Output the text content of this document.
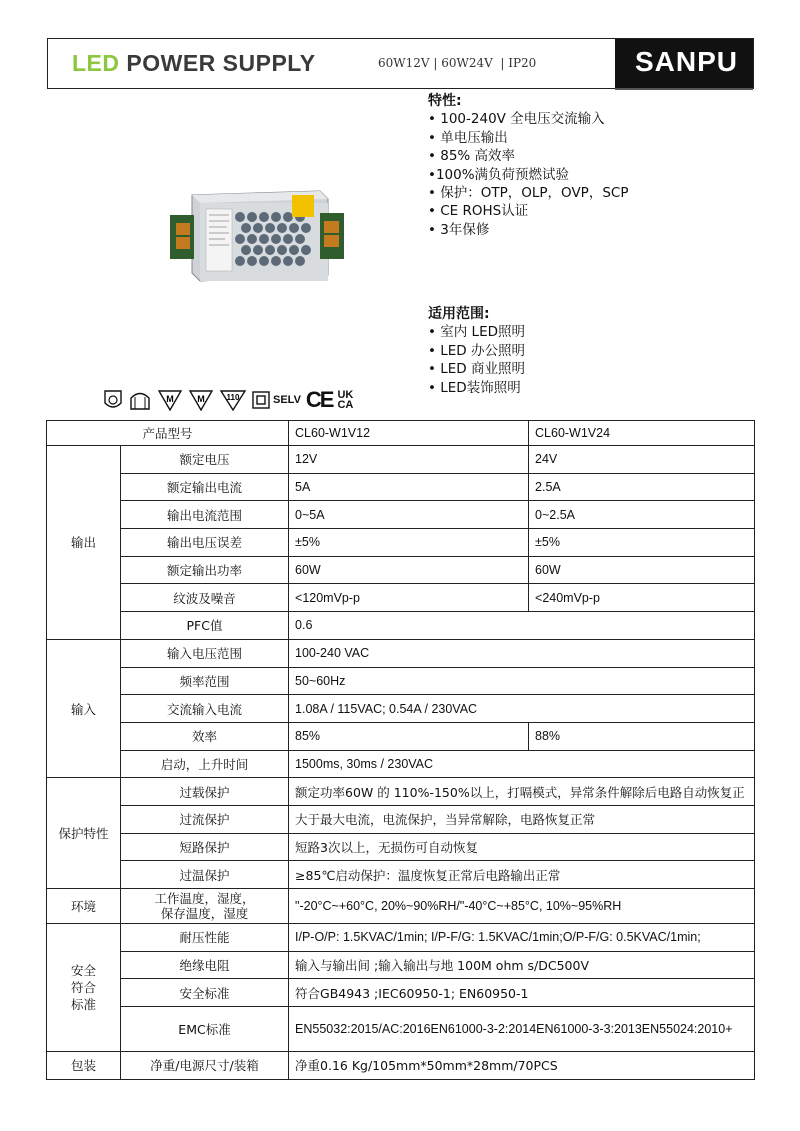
LED POWER SUPPLY	60W12V | 60W24V  | IP20	SANPU
特性:
• 100-240V 全电压交流输入
• 单电压输出
• 85% 高效率
•100%满负荷预燃试验
• 保护：OTP，OLP，OVP，SCP
• CE ROHS认证
• 3年保修
适用范围:
• 室内 LED照明
• LED 办公照明
• LED 商业照明
• LED装饰照明
M	M	110	SELV CE UK
CA
产品型号		CL60-W1V12	CL60-W1V24
输出	额定电压	12V	24V
	额定输出电流	5A	2.5A
	输出电流范围	0~5A	0~2.5A
	输出电压误差	±5%	±5%
	额定输出功率	60W	60W
	纹波及噪音	<120mVp-p	<240mVp-p
	PFC值	0.6	
输入	输入电压范围	100-240 VAC	
	频率范围	50~60Hz	
	交流输入电流	1.08A / 115VAC; 0.54A / 230VAC	
	效率	85%	88%
	启动，上升时间	1500ms, 30ms / 230VAC	
保护特性	过载保护	额定功率60W 的 110%-150%以上，打嗝模式，异常条件解除后电路自动恢复正	
	过流保护	大于最大电流，电流保护，当异常解除，电路恢复正常	
	短路保护	短路3次以上，无损伤可自动恢复	
	过温保护	≥85℃启动保护：温度恢复正常后电路输出正常	
环境	工作温度，湿度，
保存温度，湿度	"-20°C~+60°C, 20%~90%RH/"-40°C~+85°C, 10%~95%RH	

安全
符合
标准	耐压性能	I/P-O/P: 1.5KVAC/1min; I/P-F/G: 1.5KVAC/1min;O/P-F/G: 0.5KVAC/1min;	
	绝缘电阻	输入与输出间 ;输入输出与地 100M ohm s/DC500V	
	安全标准	符合GB4943 ;IEC60950-1; EN60950-1	
	EMC标准	EN55032:2015/AC:2016EN61000-3-2:2014EN61000-3-3:2013EN55024:2010+	
包装	净重/电源尺寸/装箱	净重0.16 Kg/105mm*50mm*28mm/70PCS	
